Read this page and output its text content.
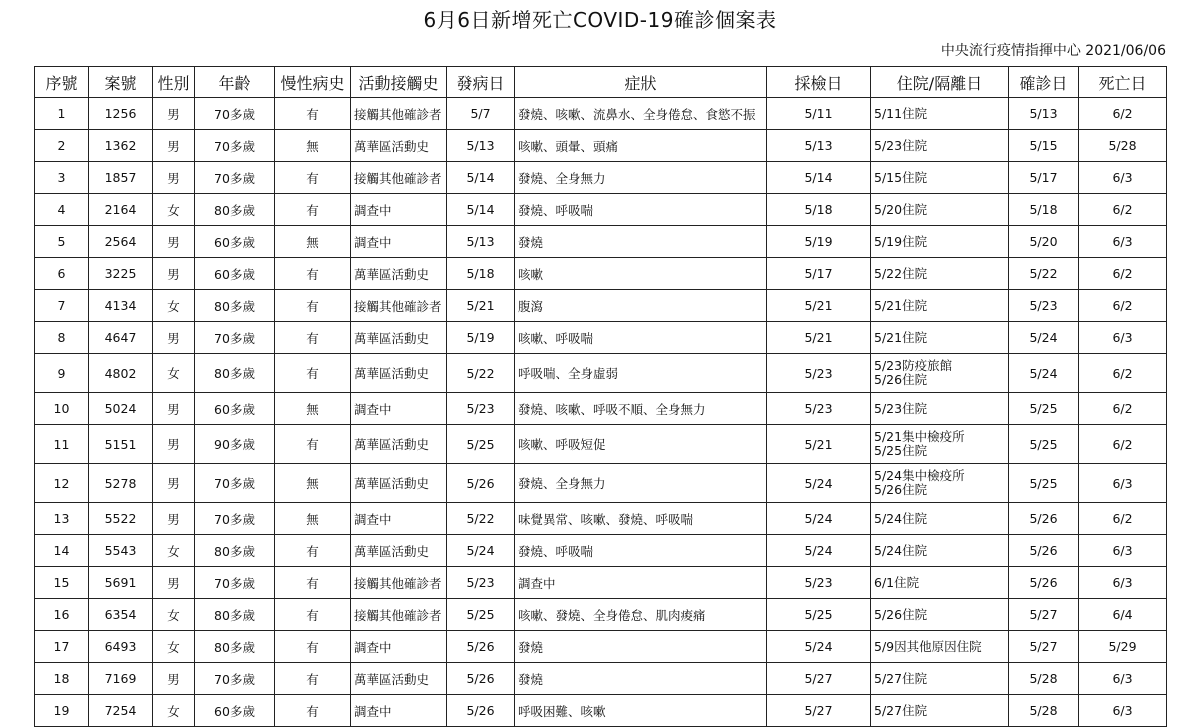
6月6日新增死亡COVID-19確診個案表
中央流行疫情指揮中心 2021/06/06
序號	案號	性別	年齡	慢性病史	活動接觸史	發病日	症狀	採檢日	住院/隔離日	確診日	死亡日
1	1256	男	70多歲	有	接觸其他確診者	5/7	發燒、咳嗽、流鼻水、全身倦怠、食慾不振	5/11	5/11住院	5/13	6/2
2	1362	男	70多歲	無	萬華區活動史	5/13	咳嗽、頭暈、頭痛	5/13	5/23住院	5/15	5/28
3	1857	男	70多歲	有	接觸其他確診者	5/14	發燒、全身無力	5/14	5/15住院	5/17	6/3
4	2164	女	80多歲	有	調查中	5/14	發燒、呼吸喘	5/18	5/20住院	5/18	6/2
5	2564	男	60多歲	無	調查中	5/13	發燒	5/19	5/19住院	5/20	6/3
6	3225	男	60多歲	有	萬華區活動史	5/18	咳嗽	5/17	5/22住院	5/22	6/2
7	4134	女	80多歲	有	接觸其他確診者	5/21	腹瀉	5/21	5/21住院	5/23	6/2
8	4647	男	70多歲	有	萬華區活動史	5/19	咳嗽、呼吸喘	5/21	5/21住院	5/24	6/3
9	4802	女	80多歲	有	萬華區活動史	5/22	呼吸喘、全身虛弱	5/23	5/23防疫旅館
5/26住院	5/24	6/2
10	5024	男	60多歲	無	調查中	5/23	發燒、咳嗽、呼吸不順、全身無力	5/23	5/23住院	5/25	6/2
11	5151	男	90多歲	有	萬華區活動史	5/25	咳嗽、呼吸短促	5/21	5/21集中檢疫所
5/25住院	5/25	6/2
12	5278	男	70多歲	無	萬華區活動史	5/26	發燒、全身無力	5/24	5/24集中檢疫所
5/26住院	5/25	6/3
13	5522	男	70多歲	無	調查中	5/22	味覺異常、咳嗽、發燒、呼吸喘	5/24	5/24住院	5/26	6/2
14	5543	女	80多歲	有	萬華區活動史	5/24	發燒、呼吸喘	5/24	5/24住院	5/26	6/3
15	5691	男	70多歲	有	接觸其他確診者	5/23	調查中	5/23	6/1住院	5/26	6/3
16	6354	女	80多歲	有	接觸其他確診者	5/25	咳嗽、發燒、全身倦怠、肌肉痠痛	5/25	5/26住院	5/27	6/4
17	6493	女	80多歲	有	調查中	5/26	發燒	5/24	5/9因其他原因住院	5/27	5/29
18	7169	男	70多歲	有	萬華區活動史	5/26	發燒	5/27	5/27住院	5/28	6/3
19	7254	女	60多歲	有	調查中	5/26	呼吸困難、咳嗽	5/27	5/27住院	5/28	6/3
